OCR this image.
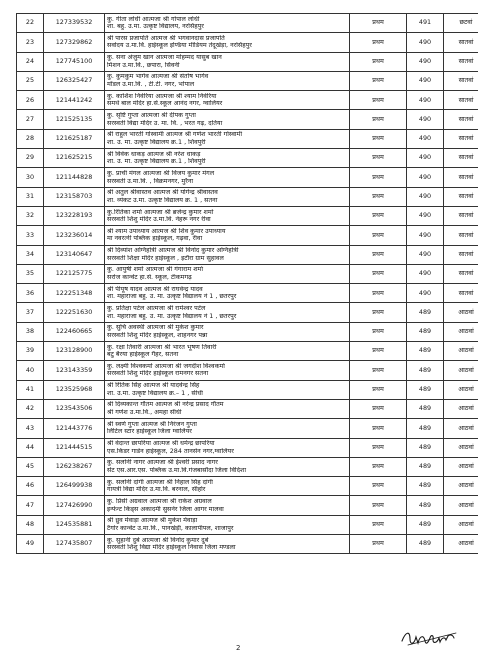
22	127339532	कु. गीता लोधी आत्मजा श्री गोपाल लोधी
शा. बहु. उ.मा. उत्कृष्ट विद्यालय, नरसिंहपुर	प्रथम	491	छटवां
23	127329862	श्री पारस प्रजापति आत्मज श्री भगवानदास प्रजापति
सर्वोदय उ.मा.वि. हाईस्कूल इण्डिया मीडियम तेंदूखेड़ा, नरसिंहपुर	प्रथम	490	सातवां
24	127745100	कु. सना अंजुम खान आत्मजा मोहम्मद यासुब खान
मिशन उ.मा.वि., छपारा, सिवनी	प्रथम	490	सातवां
25	126325427	कु. कुमकुम भार्गव आत्मजा श्री संतोष भार्गव
मॉडल उ.मा.वि. , टी.टी. नगर, भोपाल	प्रथम	490	सातवां
26	121441242	कु. काशिश निवेरिया आत्मजा श्री श्याम निवेरिया
समर्थ बाल मंदिर हा.से.स्कूल आनंद नगर, ग्वालियर	प्रथम	490	सातवां
27	121525135	कु. सृष्टि गुप्ता आत्मजा श्री दीपक गुप्ता
सरस्वती विद्या मंदिर उ. मा. वि. , भरत गढ़, दतिया	प्रथम	490	सातवां
28	121625187	श्री राहुल भारती गोस्वामी आत्मज श्री गणेश भारती गोस्वामी
शा. उ. मा. उत्कृष्ट विद्यालय क्र.1 , शिवपुरी	प्रथम	490	सातवां
29	121625215	श्री विवेक धाकड़ आत्मज श्री नरेश धाकड़
शा. उ. मा. उत्कृष्ट विद्यालय क्र.1 , शिवपुरी	प्रथम	490	सातवां
30	121144828	कु. प्राची मंगल आत्मजा श्री विजय कुमार मंगल
सरस्वती उ.मा.वि. , विक्रमनगर, मुरैना	प्रथम	490	सातवां
31	123158703	श्री अतुल श्रीवास्तव आत्मज श्री योगेन्द्र श्रीवास्तव
शा. व्यंकट उ.मा. उत्कृष्ट विद्यालय क्र. 1 , सतना	प्रथम	490	सातवां
32	123228193	कु.रितिका शर्मा आत्मजा श्री ब्रजेन्द्र कुमार शर्मा
सरस्वती शिशु मंदिर उ.मा.वि. नेहरू नगर रीवा	प्रथम	490	सातवां
33	123236014	श्री श्याम उपाध्याय आत्मज श्री शिव कुमार उपाध्याय
मा नवरत्नी पब्लिक हाईस्कूल, गढ़वा, रीवा	प्रथम	490	सातवां
34	123140647	श्री दिव्यांश अग्निहोत्री आत्मज श्री विनोद कुमार अग्निहोत्री
सरस्वती शिक्षा मंदिर हाईस्कूल , इटौरा ग्राम सुहावल	प्रथम	490	सातवां
35	122125775	कु. आयुषी शर्मा आत्मजा श्री गंगाराम शर्मा
सरोज कान्वेंट हा.से. स्कूल, टीकमगढ़	प्रथम	490	सातवां
36	122251348	श्री पीयूष यादव आत्मज श्री राघवेन्द्र यादव
शा. महाराजा बहु. उ. मा. उत्कृष्ट विद्यालय नं 1 , छतरपुर	प्रथम	490	सातवां
37	122251630	कु. प्रतिक्षा पटेल आत्मजा श्री रामेश्वर पटेल
शा. महाराजा बहु. उ. मा. उत्कृष्ट विद्यालय नं 1 , छतरपुर	प्रथम	489	आठवां
38	122460665	कु. सुचि अवस्थी आत्मजा श्री मुकेश कुमार
सरस्वती शिशु मंदिर हाईस्कूल, शाहनगर पन्ना	प्रथम	489	आठवां
39	123128900	कु. रक्षा तिवारी आत्मजा श्री भारत भूषण तिवारी
बटु बैरया हाईस्कूल गैहर, सतना	प्रथम	489	आठवां
40	123143359	कु. लक्ष्मी विश्वकर्मा आत्मजा श्री जगदीश विश्वकर्मा
सरस्वती शिशु मंदिर हाईस्कूल रामनगर सतना	प्रथम	489	आठवां
41	123525968	श्री रितिक सिंह आत्मज श्री यादवेन्द्र सिंह
शा. उ.मा. उत्कृष्ट विद्यालय क्र.– 1 , सीधी	प्रथम	489	आठवां
42	123543506	श्री दिव्यकान्त गौतम आत्मज श्री नरेन्द्र प्रसाद गौतम
श्री गणेश उ.मा.वि., अमहा सीधी	प्रथम	489	आठवां
43	121443776	श्री स्वर्ण गुप्ता आत्मज श्री निरंजन गुप्ता
लिटिल स्टार हाईस्कूल जिला ग्वालियर	प्रथम	489	आठवां
44	121444515	श्री वेदान्त छापरिया आत्मज श्री धर्मेन्द्र छापरिया
एस.किडर गार्डन हाईस्कूल, 284 तानसेन नगर,ग्वालियर	प्रथम	489	आठवां
45	126238267	कु. सलोनी नागर आत्मजा श्री ईश्वरी प्रसाद नागर
सेंट एस.आर.एस. पब्लिक उ.मा.वि.गंजबासौदा जिला विदिशा	प्रथम	489	आठवां
46	126499938	कु. सलोनी दांगी आत्मजा श्री निहाल सिंह दांगी
गायत्री विद्या मंदिर उ.मा.वि. बरनाल, सीहोर	प्रथम	489	आठवां
47	127426990	कु. प्रिंसी अग्रवाल आत्मजा श्री राकेश अग्रवाल
इन्फेन्ट किड्स अकादमी सुसनेर जिला आगर मालवा	प्रथम	489	आठवां
48	124535881	श्री ध्रुव मेवाड़ा आत्मज श्री मुकेश मेवाड़ा
टैगोर कान्वेंट उ.मा.वि., पानखेड़ी, कालापीपल, शाजापुर	प्रथम	489	आठवां
49	127435807	कु. सुहानी दुबे आत्मजा श्री विनोद कुमार दुबे
सरस्वती शिशु विद्या मंदिर हाईस्कूल निवास जिला मण्डला	प्रथम	489	आठवां
2
